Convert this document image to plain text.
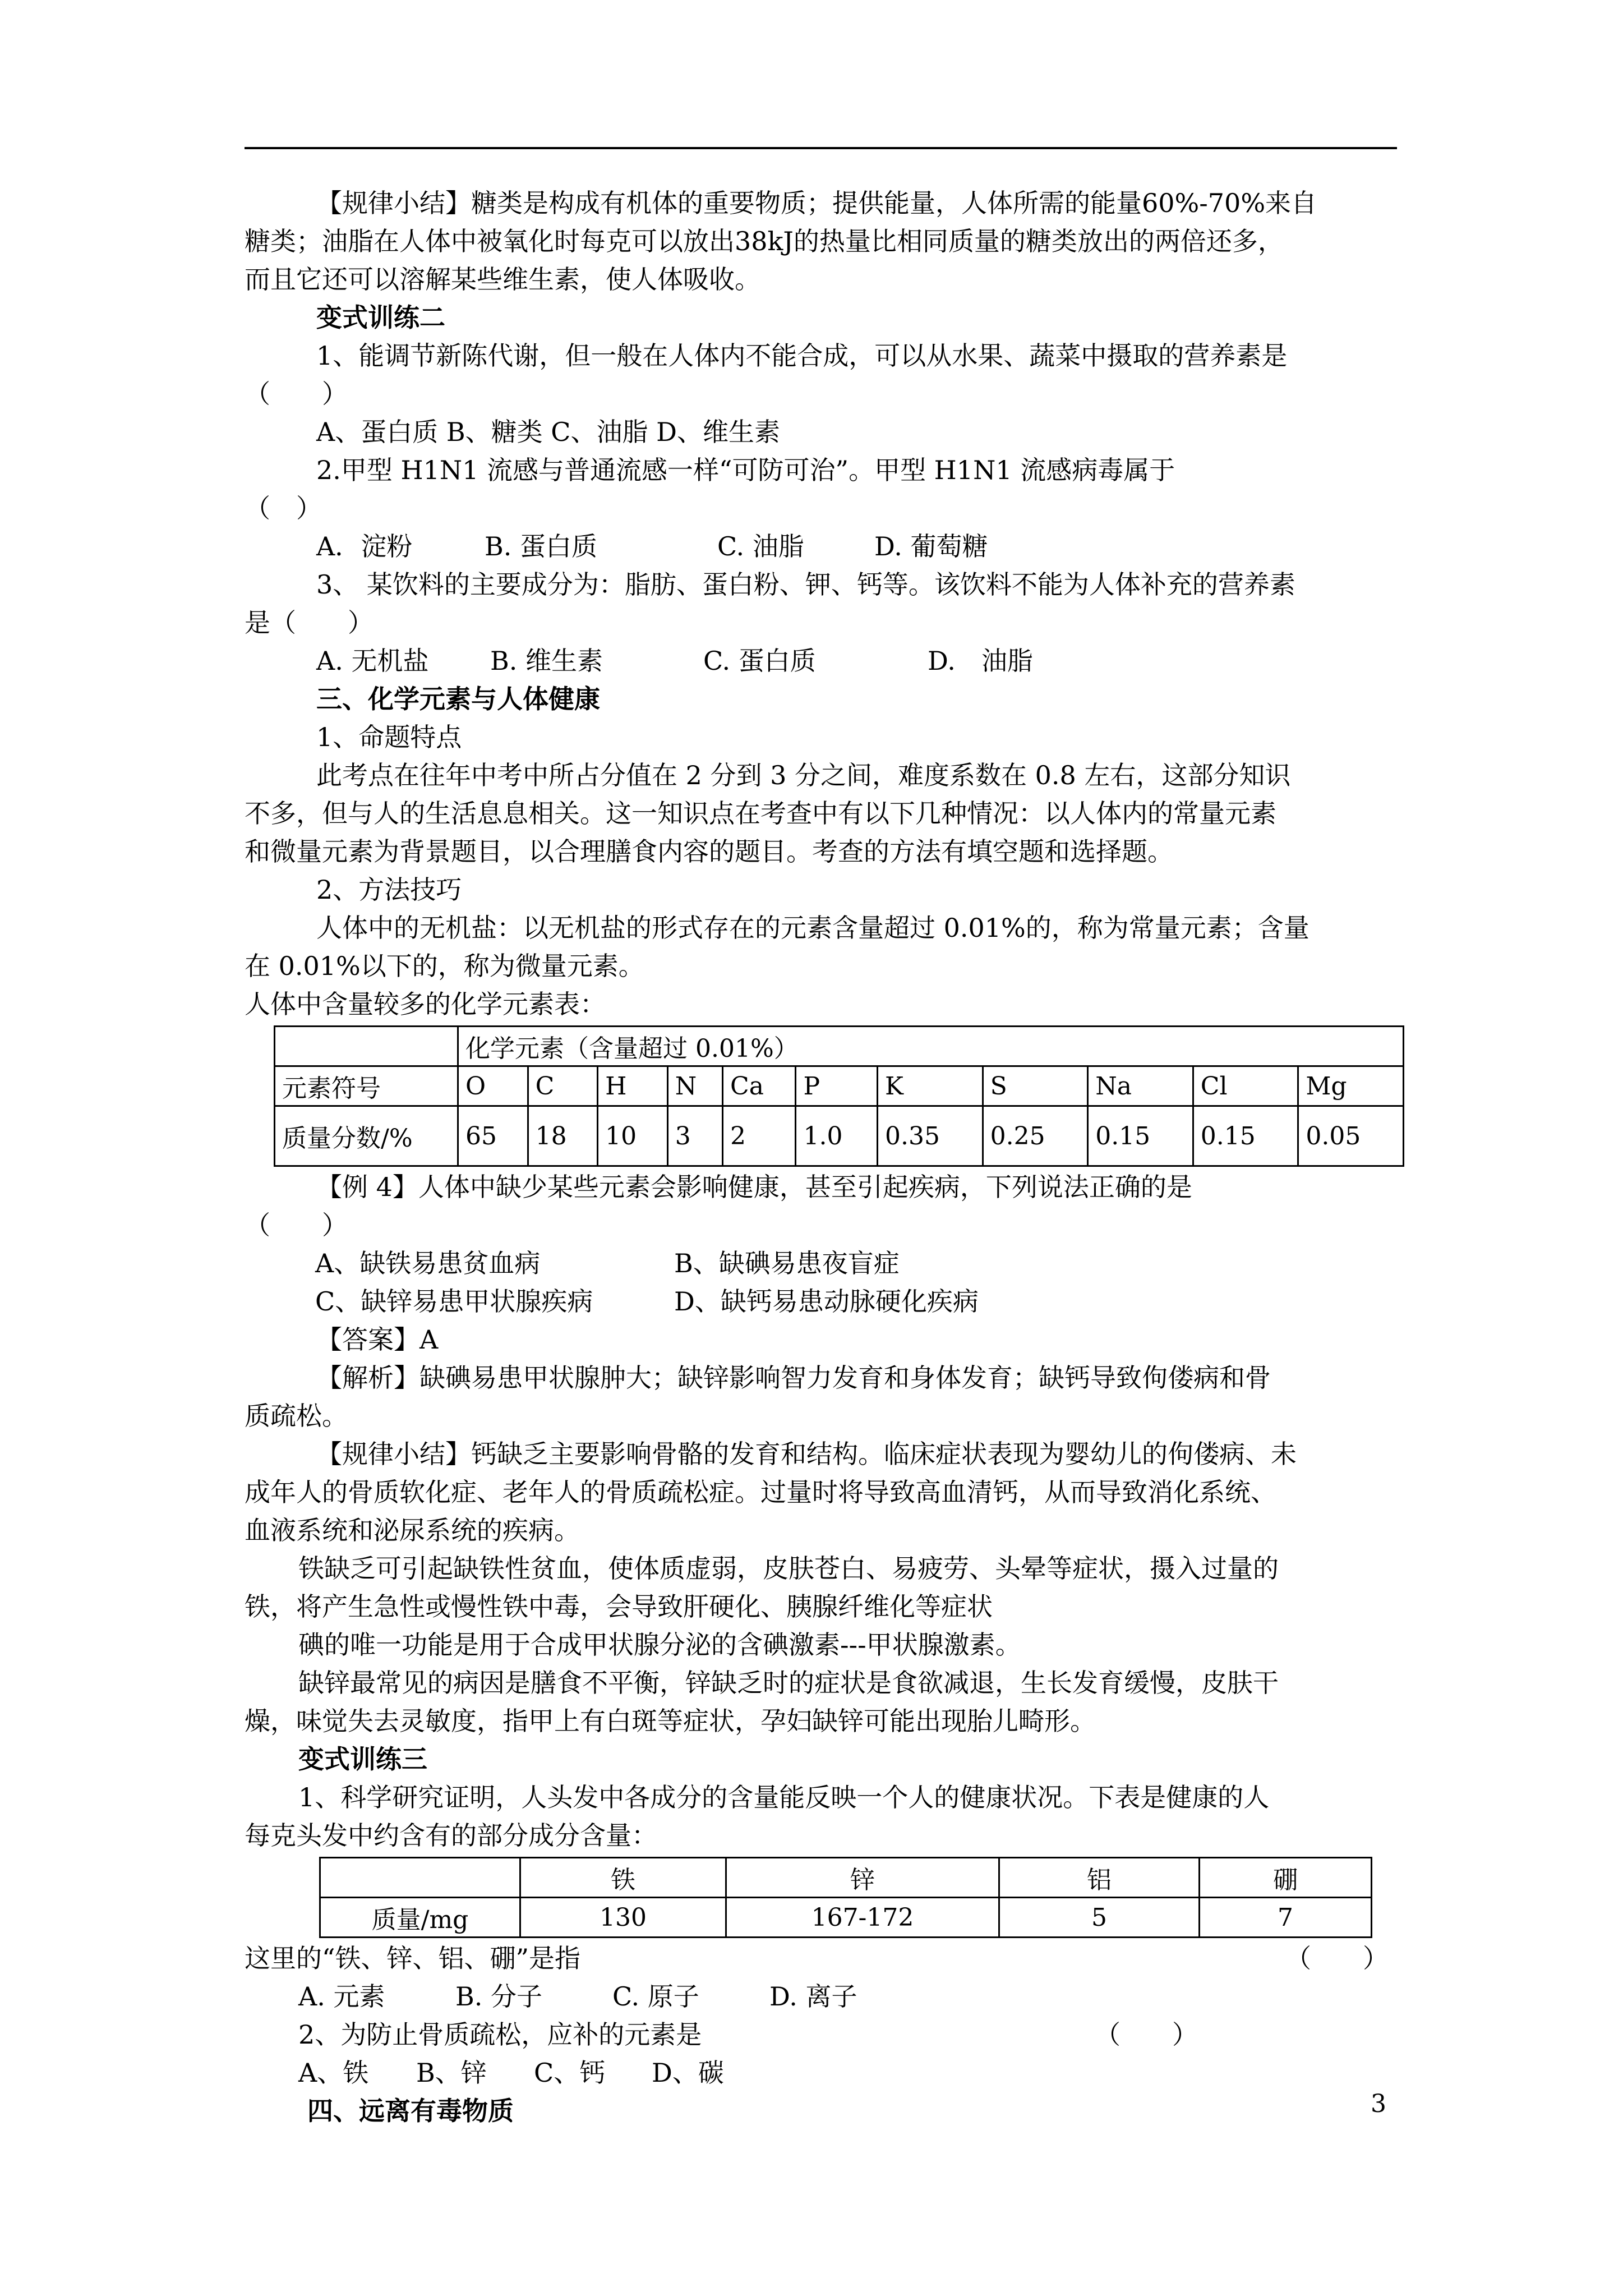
【规律小结】糖类是构成有机体的重要物质；提供能量，人体所需的能量60%-70%来自

糖类；油脂在人体中被氧化时每克可以放出38kJ的热量比相同质量的糖类放出的两倍还多，

而且它还可以溶解某些维生素，使人体吸收。

变式训练二

1、能调节新陈代谢，但一般在人体内不能合成，可以从水果、蔬菜中摄取的营养素是

（　　）

A、蛋白质 B、糖类 C、油脂 D、维生素

2.甲型 H1N1 流感与普通流感一样“可防可治”。甲型 H1N1 流感病毒属于

（　）

A．淀粉	B. 蛋白质	C. 油脂	D. 葡萄糖

3、 某饮料的主要成分为：脂肪、蛋白粉、钾、钙等。该饮料不能为人体补充的营养素

是（　　）

A. 无机盐 B. 维生素	C. 蛋白质	D.　油脂

三、化学元素与人体健康

1、命题特点

此考点在往年中考中所占分值在 2 分到 3 分之间，难度系数在 0.8 左右，这部分知识

不多，但与人的生活息息相关。这一知识点在考查中有以下几种情况：以人体内的常量元素

和微量元素为背景题目，以合理膳食内容的题目。考查的方法有填空题和选择题。

2、方法技巧

人体中的无机盐：以无机盐的形式存在的元素含量超过 0.01%的，称为常量元素；含量

在 0.01%以下的，称为微量元素。

人体中含量较多的化学元素表：

	化学元素（含量超过 0.01%）										
元素符号	O	C	H	N	Ca	P	K	S	Na	Cl	Mg
质量分数/%	65	18	10	3	2	1.0	0.35	0.25	0.15	0.15	0.05

【例 4】人体中缺少某些元素会影响健康，甚至引起疾病，下列说法正确的是

（　　）

A、缺铁易患贫血病	B、缺碘易患夜盲症

C、缺锌易患甲状腺疾病	D、缺钙易患动脉硬化疾病

【答案】A

【解析】缺碘易患甲状腺肿大；缺锌影响智力发育和身体发育；缺钙导致佝偻病和骨

质疏松。

【规律小结】钙缺乏主要影响骨骼的发育和结构。临床症状表现为婴幼儿的佝偻病、未

成年人的骨质软化症、老年人的骨质疏松症。过量时将导致高血清钙，从而导致消化系统、

血液系统和泌尿系统的疾病。

铁缺乏可引起缺铁性贫血，使体质虚弱，皮肤苍白、易疲劳、头晕等症状，摄入过量的

铁，将产生急性或慢性铁中毒，会导致肝硬化、胰腺纤维化等症状

碘的唯一功能是用于合成甲状腺分泌的含碘激素---甲状腺激素。

缺锌最常见的病因是膳食不平衡，锌缺乏时的症状是食欲减退，生长发育缓慢，皮肤干

燥，味觉失去灵敏度，指甲上有白斑等症状，孕妇缺锌可能出现胎儿畸形。

变式训练三

1、科学研究证明，人头发中各成分的含量能反映一个人的健康状况。下表是健康的人

每克头发中约含有的部分成分含量：

	铁	锌	铝	硼
质量/mg	130	167-172	5	7

这里的“铁、锌、铝、硼”是指	（　　）

A. 元素	B. 分子	C. 原子	D. 离子

2、为防止骨质疏松，应补的元素是	（　　）

A、铁 B、锌 C、钙 D、碳

四、远离有毒物质	3
